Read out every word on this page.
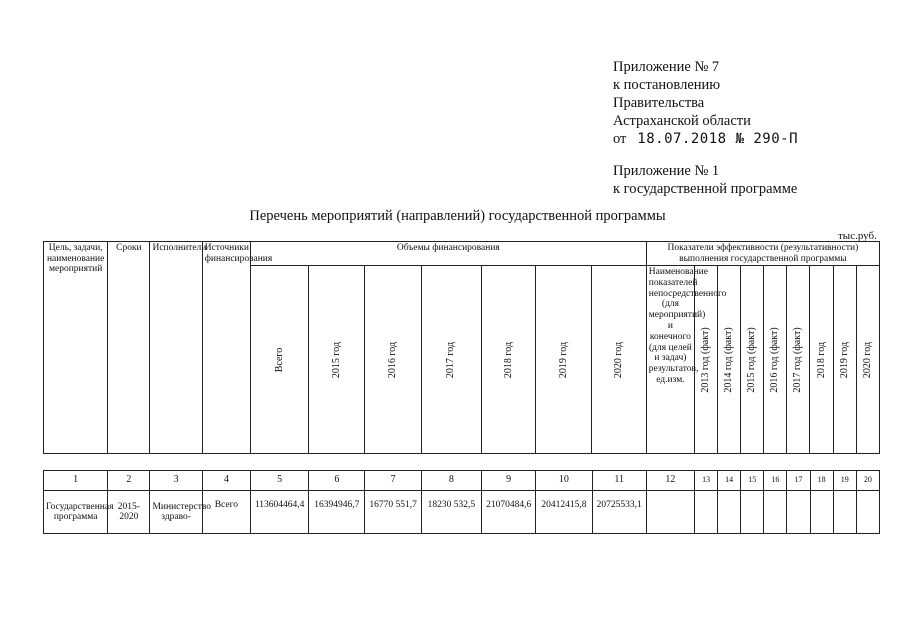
Приложение № 7
к постановлению
Правительства
Астраханской области
от 18.07.2018 № 290-П
Приложение № 1
к государственной программе
Перечень мероприятий (направлений) государственной программы
тыс.руб.
Цель, задачи, наименование мероприятий	Сроки	Исполнители	Источники финансирования	Объемы финансирования							Показатели эффективности (результативности) выполнения государственной программы								

				Всего	2015 год	2016 год	2017 год	2018 год	2019 год	2020 год	Наименование показателей непосредственного (для мероприятий) и конечного (для целей и задач) результатов, ед.изм.	2013 год (факт)	2014 год (факт)	2015 год (факт)	2016 год (факт)	2017 год (факт)	2018 год	2019 год	2020 год
1	2	3	4	5	6	7	8	9	10	11	12	13	14	15	16	17	18	19	20
Государственная программа	2015-2020	Министерство здраво-	Всего	113604464,4	16394946,7	16770 551,7	18230 532,5	21070484,6	20412415,8	20725533,1									
